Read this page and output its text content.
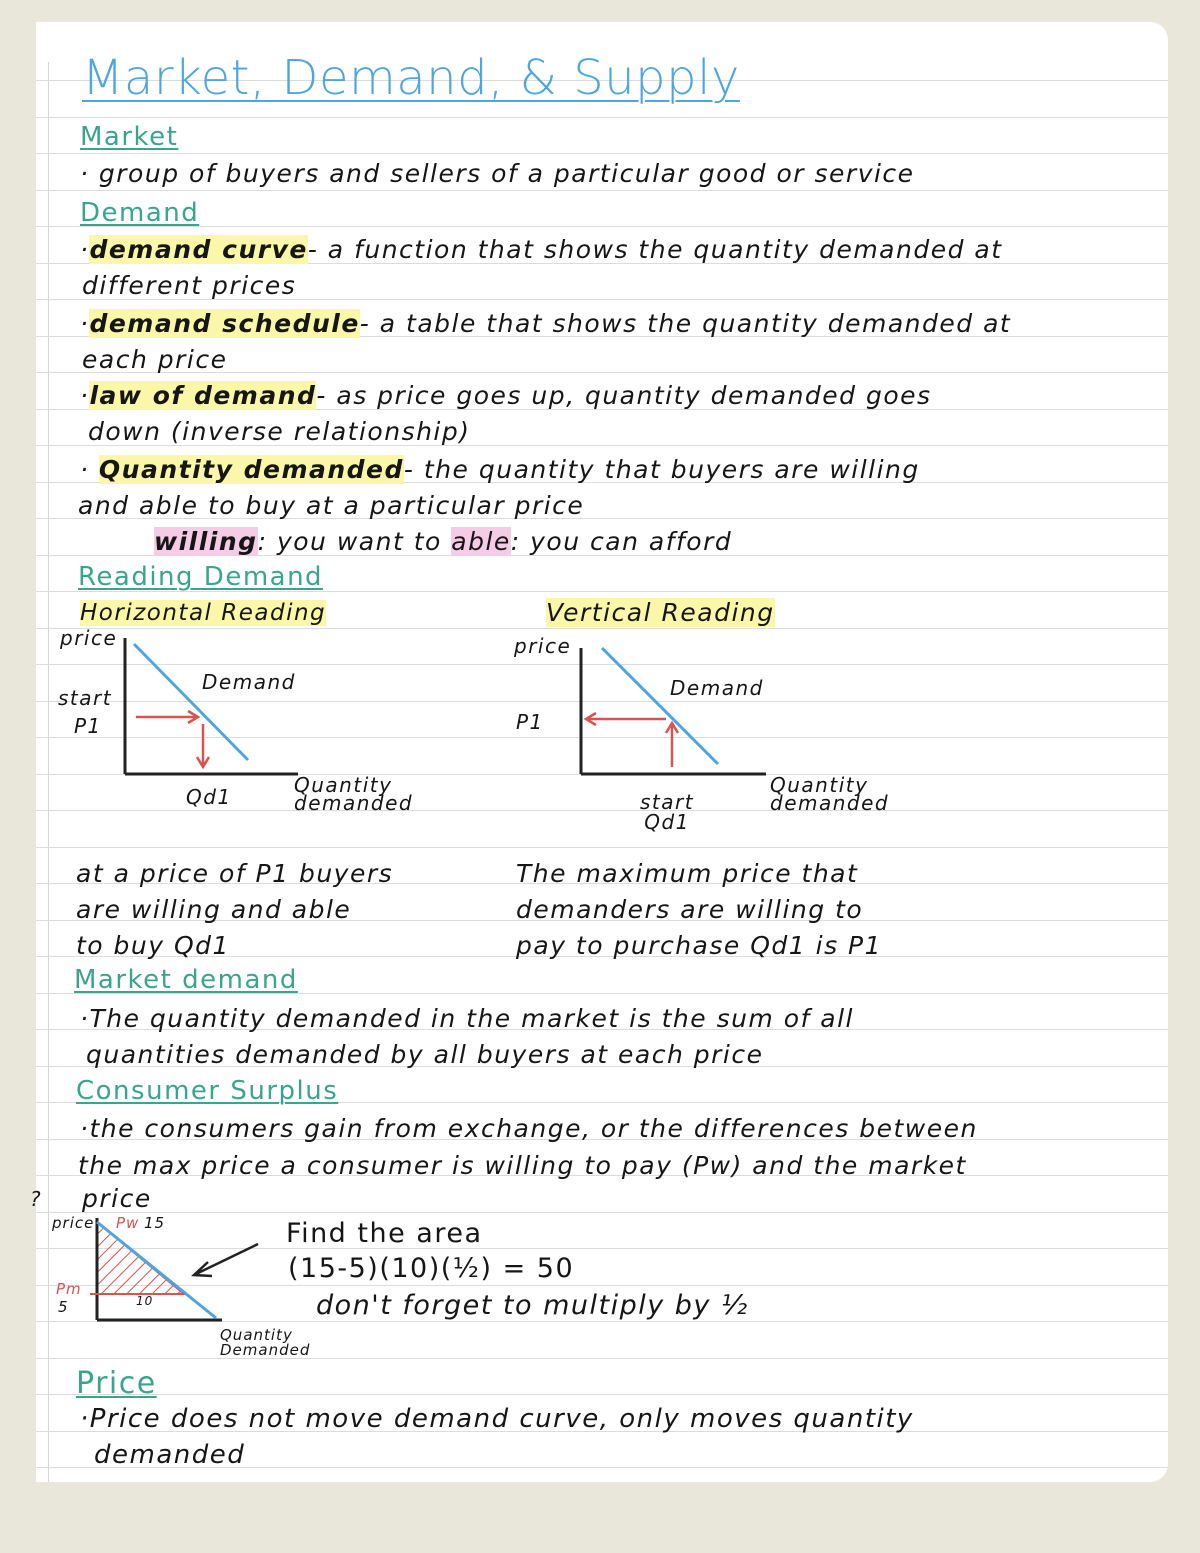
Market, Demand, & Supply
Market
· group of buyers and sellers of a particular good or service
Demand
·demand curve- a function that shows the quantity demanded at
different prices
·demand schedule- a table that shows the quantity demanded at
each price
·law of demand- as price goes up, quantity demanded goes
down (inverse relationship)
· Quantity demanded- the quantity that buyers are willing
and able to buy at a particular price
willing: you want to able: you can afford
Reading Demand
Horizontal Reading	Vertical Reading
price
start
P1
Demand
Qd1	Quantity
demanded
price
P1
Demand
start
Qd1
Quantity
demanded
at a price of P1 buyers
are willing and able
to buy Qd1
The maximum price that
demanders are willing to
pay to purchase Qd1 is P1
Market demand
·The quantity demanded in the market is the sum of all
quantities demanded by all buyers at each price
Consumer Surplus
·the consumers gain from exchange, or the differences between
the max price a consumer is willing to pay (Pw) and the market
? price
price Pw 15
Pm
5	10
Quantity
Demanded
Find the area
(15-5)(10)(½) = 50
don't forget to multiply by ½
Price
·Price does not move demand curve, only moves quantity
demanded
